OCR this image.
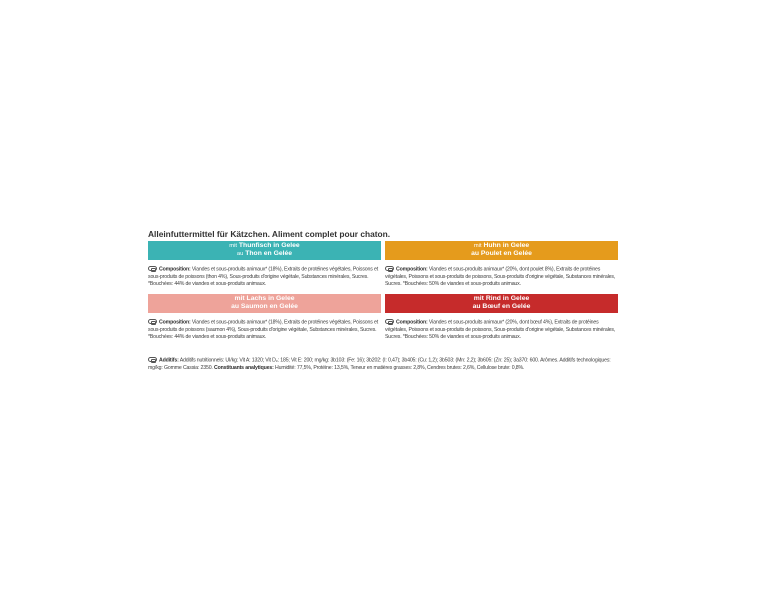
Alleinfuttermittel für Kätzchen. Aliment complet pour chaton.
mit Thunfisch in Gelee
au Thon en Gelée
Composition: Viandes et sous-produits animaux* (18%), Extraits de protéines végétales, Poissons et sous-produits de poissons (thon 4%), Sous-produits d'origine végétale, Substances minérales, Sucres. *Bouchées: 44% de viandes et sous-produits animaux.
mit Huhn in Gelee
au Poulet en Gelée
Composition: Viandes et sous-produits animaux* (20%, dont poulet 8%), Extraits de protéines végétales, Poissons et sous-produits de poissons, Sous-produits d'origine végétale, Substances minérales, Sucres. *Bouchées: 50% de viandes et sous-produits animaux.
mit Lachs in Gelee
au Saumon en Gelée
Composition: Viandes et sous-produits animaux* (18%), Extraits de protéines végétales, Poissons et sous-produits de poissons (saumon 4%), Sous-produits d'origine végétale, Substances minérales, Sucres. *Bouchées: 44% de viandes et sous-produits animaux.
mit Rind in Gelee
au Bœuf en Gelée
Composition: Viandes et sous-produits animaux* (20%, dont bœuf 4%), Extraits de protéines végétales, Poissons et sous-produits de poissons, Sous-produits d'origine végétale, Substances minérales, Sucres. *Bouchées: 50% de viandes et sous-produits animaux.
Additifs: Additifs nutritionnels: UI/kg: Vit A: 1320; Vit D₃: 185; Vit E: 200; mg/kg: 3b103: (Fe: 16); 3b202: (I: 0,47); 3b405: (Cu: 1,2); 3b503: (Mn: 2,2); 3b605: (Zn: 25); 3a370: 600. Arômes. Additifs technologiques: mg/kg: Gomme Cassia: 2350. Constituants analytiques: Humidité: 77,5%, Protéine: 13,5%, Teneur en matières grasses: 2,8%, Cendres brutes: 2,6%, Cellulose brute: 0,8%.
